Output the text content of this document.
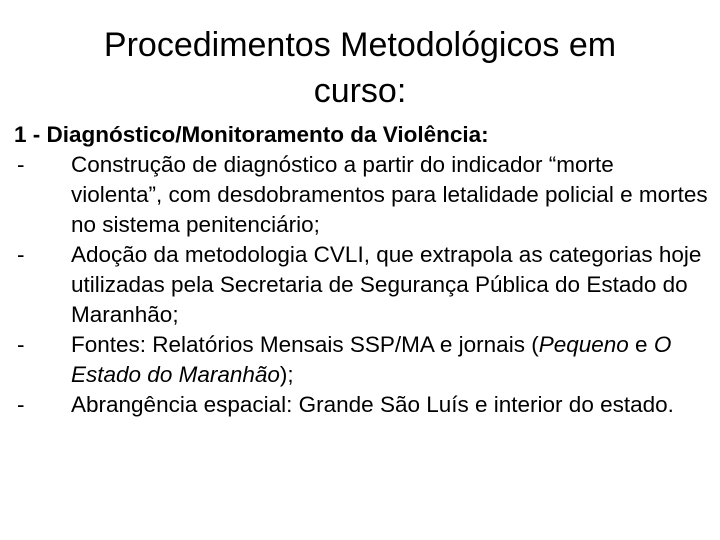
Procedimentos Metodológicos em
curso:

1 - Diagnóstico/Monitoramento da Violência:

- Construção de diagnóstico a partir do indicador “morte violenta”, com desdobramentos para letalidade policial e mortes no sistema penitenciário;
- Adoção da metodologia CVLI, que extrapola as categorias hoje utilizadas pela Secretaria de Segurança Pública do Estado do Maranhão;
- Fontes: Relatórios Mensais SSP/MA e jornais (Pequeno e O Estado do Maranhão);
- Abrangência espacial: Grande São Luís e interior do estado.
